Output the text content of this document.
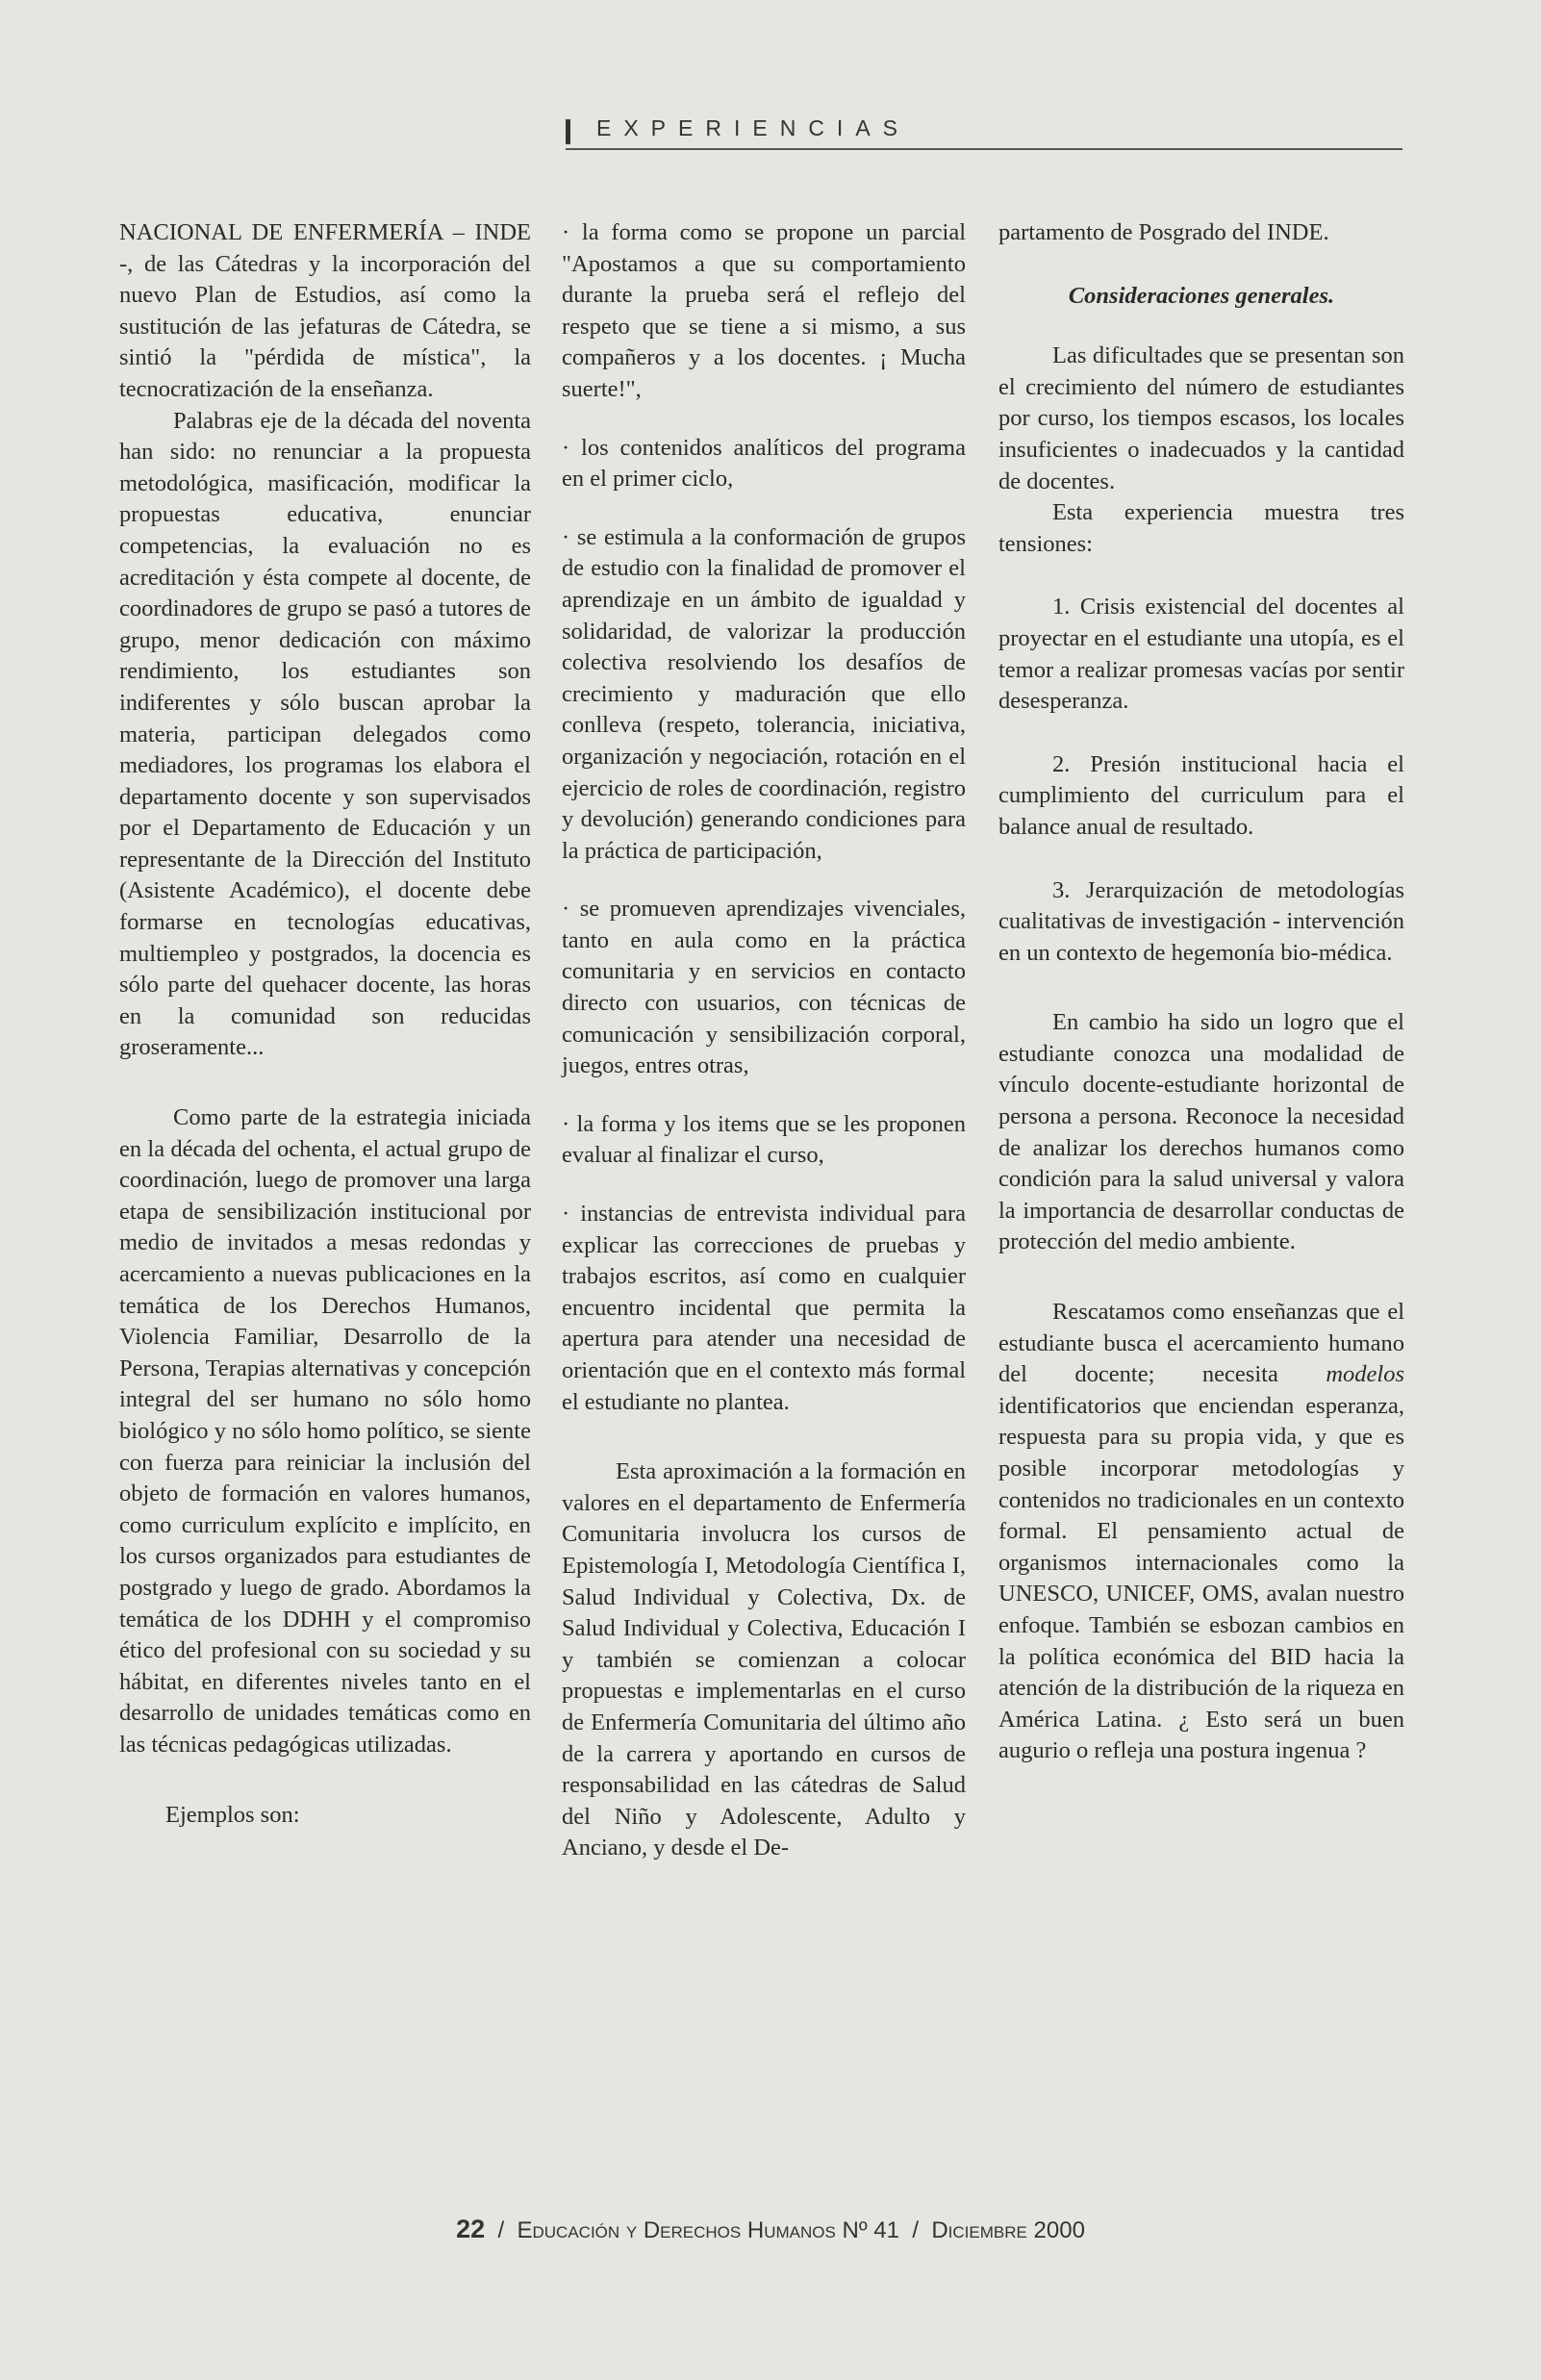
EXPERIENCIAS

NACIONAL DE ENFERMERÍA – INDE -, de las Cátedras y la incorporación del nuevo Plan de Estudios, así como la sustitución de las jefaturas de Cátedra, se sintió la "pérdida de mística", la tecnocratización de la enseñanza.

Palabras eje de la década del noventa han sido: no renunciar a la propuesta metodológica, masificación, modificar la propuestas educativa, enunciar competencias, la evaluación no es acreditación y ésta compete al docente, de coordinadores de grupo se pasó a tutores de grupo, menor dedicación con máximo rendimiento, los estudiantes son indiferentes y sólo buscan aprobar la materia, participan delegados como mediadores, los programas los elabora el departamento docente y son supervisados por el Departamento de Educación y un representante de la Dirección del Instituto (Asistente Académico), el docente debe formarse en tecnologías educativas, multiempleo y postgrados, la docencia es sólo parte del quehacer docente, las horas en la comunidad son reducidas groseramente...

Como parte de la estrategia iniciada en la década del ochenta, el actual grupo de coordinación, luego de promover una larga etapa de sensibilización institucional por medio de invitados a mesas redondas y acercamiento a nuevas publicaciones en la temática de los Derechos Humanos, Violencia Familiar, Desarrollo de la Persona, Terapias alternativas y concepción integral del ser humano no sólo homo biológico y no sólo homo político, se siente con fuerza para reiniciar la inclusión del objeto de formación en valores humanos, como curriculum explícito e implícito, en los cursos organizados para estudiantes de postgrado y luego de grado. Abordamos la temática de los DDHH y el compromiso ético del profesional con su sociedad y su hábitat, en diferentes niveles tanto en el desarrollo de unidades temáticas como en las técnicas pedagógicas utilizadas.

Ejemplos son:

· la forma como se propone un parcial "Apostamos a que su comportamiento durante la prueba será el reflejo del respeto que se tiene a si mismo, a sus compañeros y a los docentes. ¡ Mucha suerte!",

· los contenidos analíticos del programa en el primer ciclo,

· se estimula a la conformación de grupos de estudio con la finalidad de promover el aprendizaje en un ámbito de igualdad y solidaridad, de valorizar la producción colectiva resolviendo los desafíos de crecimiento y maduración que ello conlleva (respeto, tolerancia, iniciativa, organización y negociación, rotación en el ejercicio de roles de coordinación, registro y devolución) generando condiciones para la práctica de participación,

· se promueven aprendizajes vivenciales, tanto en aula como en la práctica comunitaria y en servicios en contacto directo con usuarios, con técnicas de comunicación y sensibilización corporal, juegos, entres otras,

· la forma y los items que se les proponen evaluar al finalizar el curso,

· instancias de entrevista individual para explicar las correcciones de pruebas y trabajos escritos, así como en cualquier encuentro incidental que permita la apertura para atender una necesidad de orientación que en el contexto más formal el estudiante no plantea.

Esta aproximación a la formación en valores en el departamento de Enfermería Comunitaria involucra los cursos de Epistemología I, Metodología Científica I, Salud Individual y Colectiva, Dx. de Salud Individual y Colectiva, Educación I y también se comienzan a colocar propuestas e implementarlas en el curso de Enfermería Comunitaria del último año de la carrera y aportando en cursos de responsabilidad en las cátedras de Salud del Niño y Adolescente, Adulto y Anciano, y desde el De-

partamento de Posgrado del INDE.

Consideraciones generales.

Las dificultades que se presentan son el crecimiento del número de estudiantes por curso, los tiempos escasos, los locales insuficientes o inadecuados y la cantidad de docentes.

Esta experiencia muestra tres tensiones:

1. Crisis existencial del docentes al proyectar en el estudiante una utopía, es el temor a realizar promesas vacías por sentir desesperanza.

2. Presión institucional hacia el cumplimiento del curriculum para el balance anual de resultado.

3. Jerarquización de metodologías cualitativas de investigación - intervención en un contexto de hegemonía bio-médica.

En cambio ha sido un logro que el estudiante conozca una modalidad de vínculo docente-estudiante horizontal de persona a persona. Reconoce la necesidad de analizar los derechos humanos como condición para la salud universal y valora la importancia de desarrollar conductas de protección del medio ambiente.

Rescatamos como enseñanzas que el estudiante busca el acercamiento humano del docente; necesita modelos identificatorios que enciendan esperanza, respuesta para su propia vida, y que es posible incorporar metodologías y contenidos no tradicionales en un contexto formal. El pensamiento actual de organismos internacionales como la UNESCO, UNICEF, OMS, avalan nuestro enfoque. También se esbozan cambios en la política económica del BID hacia la atención de la distribución de la riqueza en América Latina. ¿ Esto será un buen augurio o refleja una postura ingenua ?

22 / Educación y Derechos Humanos Nº 41 / Diciembre 2000
